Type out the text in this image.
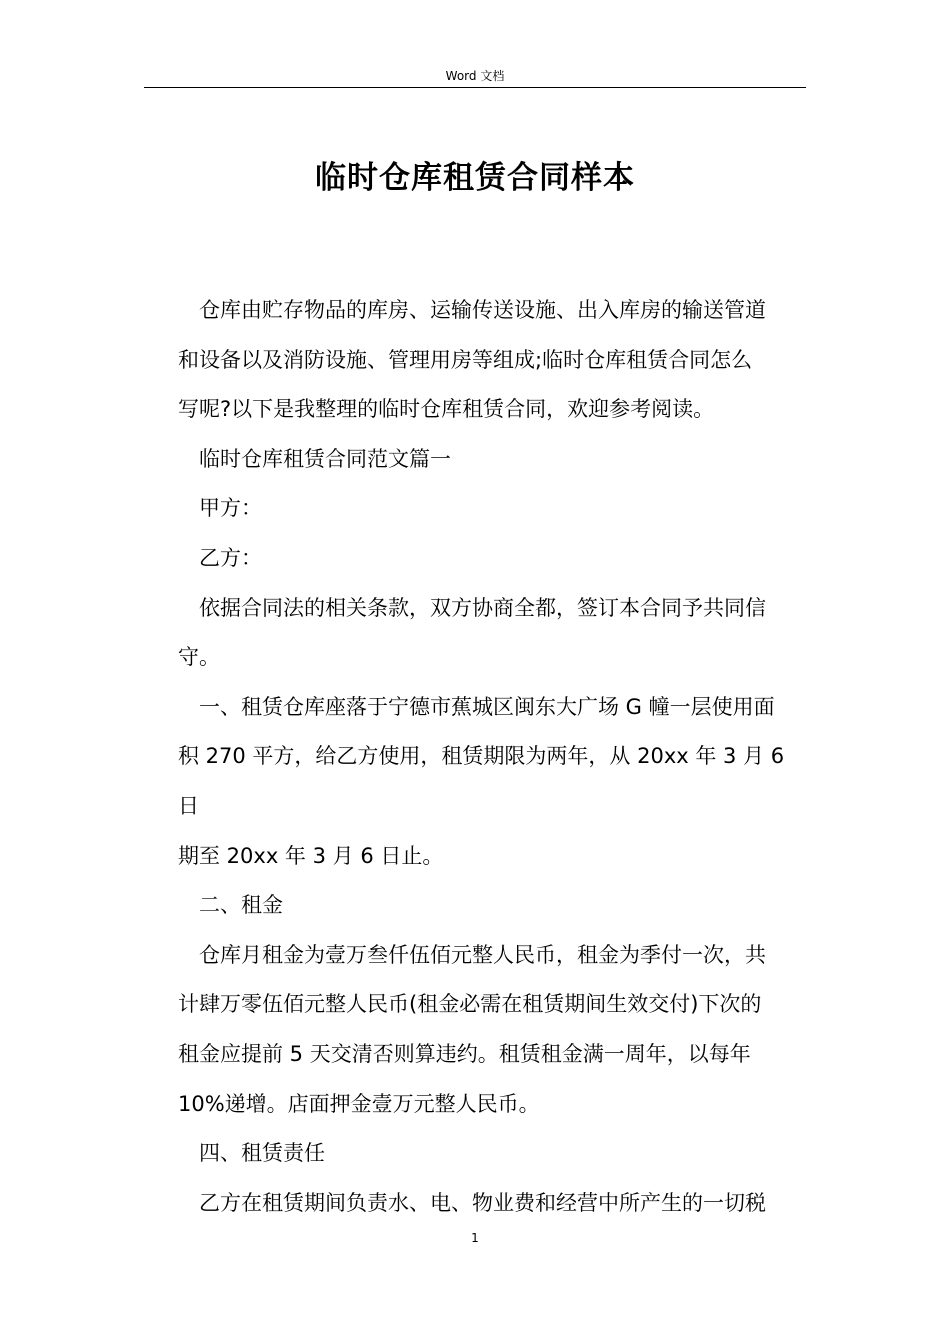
Word 文档
临时仓库租赁合同样本

仓库由贮存物品的库房、运输传送设施、出入库房的输送管道
和设备以及消防设施、管理用房等组成;临时仓库租赁合同怎么
写呢?以下是我整理的临时仓库租赁合同，欢迎参考阅读。

临时仓库租赁合同范文篇一

甲方：

乙方：

依据合同法的相关条款，双方协商全都，签订本合同予共同信
守。

一、租赁仓库座落于宁德市蕉城区闽东大广场 G 幢一层使用面
积 270 平方，给乙方使用，租赁期限为两年，从 20xx 年 3 月 6 日
期至 20xx 年 3 月 6 日止。

二、租金

仓库月租金为壹万叁仟伍佰元整人民币，租金为季付一次，共
计肆万零伍佰元整人民币(租金必需在租赁期间生效交付)下次的
租金应提前 5 天交清否则算违约。租赁租金满一周年，以每年
10%递增。店面押金壹万元整人民币。

四、租赁责任

乙方在租赁期间负责水、电、物业费和经营中所产生的一切税

1
